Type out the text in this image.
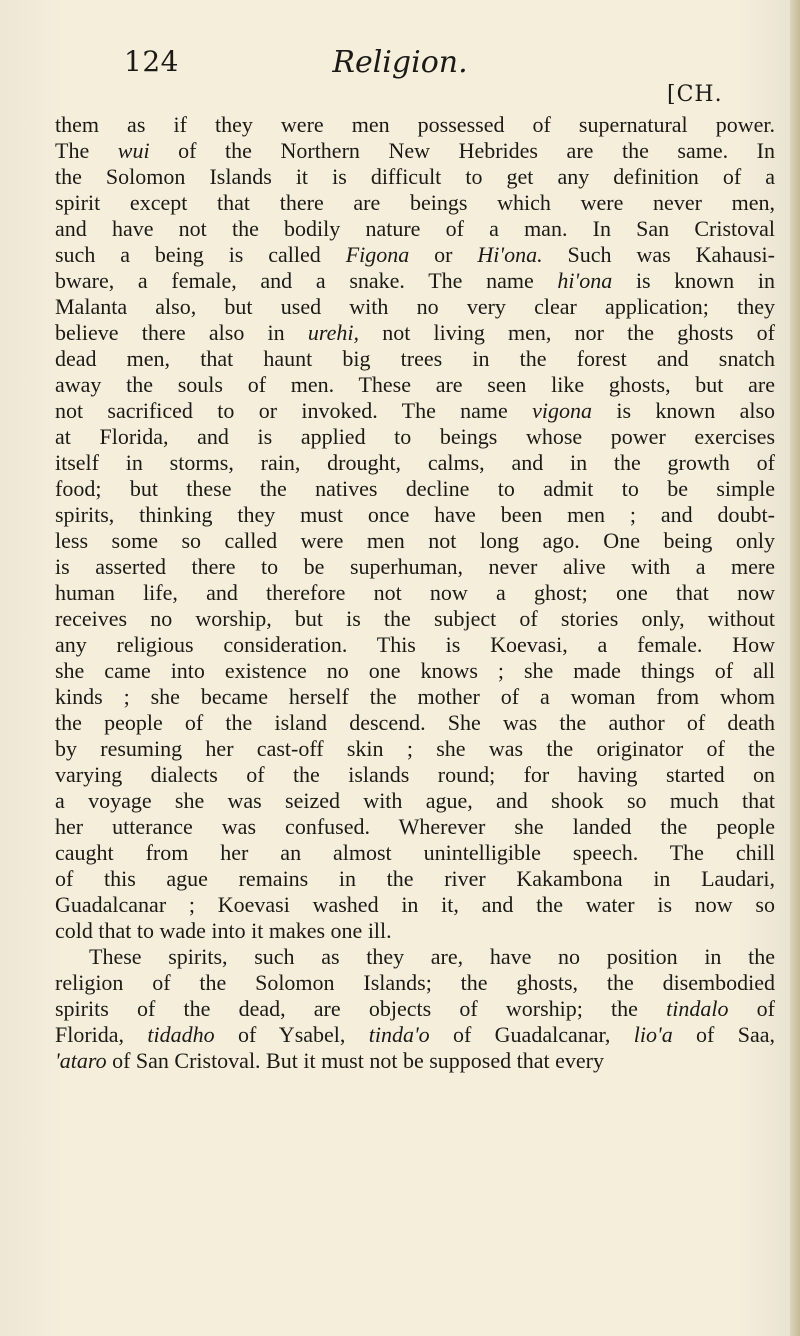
124	Religion.
[CH.
them as if they were men possessed of supernatural power.
The wui of the Northern New Hebrides are the same. In
the Solomon Islands it is difficult to get any definition of a
spirit except that there are beings which were never men,
and have not the bodily nature of a man. In San Cristoval
such a being is called Figona or Hi'ona. Such was Kahausi-
bware, a female, and a snake. The name hi'ona is known in
Malanta also, but used with no very clear application; they
believe there also in urehi, not living men, nor the ghosts of
dead men, that haunt big trees in the forest and snatch
away the souls of men. These are seen like ghosts, but are
not sacrificed to or invoked. The name vigona is known also
at Florida, and is applied to beings whose power exercises
itself in storms, rain, drought, calms, and in the growth of
food; but these the natives decline to admit to be simple
spirits, thinking they must once have been men ; and doubt-
less some so called were men not long ago. One being only
is asserted there to be superhuman, never alive with a mere
human life, and therefore not now a ghost; one that now
receives no worship, but is the subject of stories only, without
any religious consideration. This is Koevasi, a female. How
she came into existence no one knows ; she made things of all
kinds ; she became herself the mother of a woman from whom
the people of the island descend. She was the author of death
by resuming her cast-off skin ; she was the originator of the
varying dialects of the islands round; for having started on
a voyage she was seized with ague, and shook so much that
her utterance was confused. Wherever she landed the people
caught from her an almost unintelligible speech. The chill
of this ague remains in the river Kakambona in Laudari,
Guadalcanar ; Koevasi washed in it, and the water is now so
cold that to wade into it makes one ill.
These spirits, such as they are, have no position in the
religion of the Solomon Islands; the ghosts, the disembodied
spirits of the dead, are objects of worship; the tindalo of
Florida, tidadho of Ysabel, tinda'o of Guadalcanar, lio'a of Saa,
'ataro of San Cristoval. But it must not be supposed that every
